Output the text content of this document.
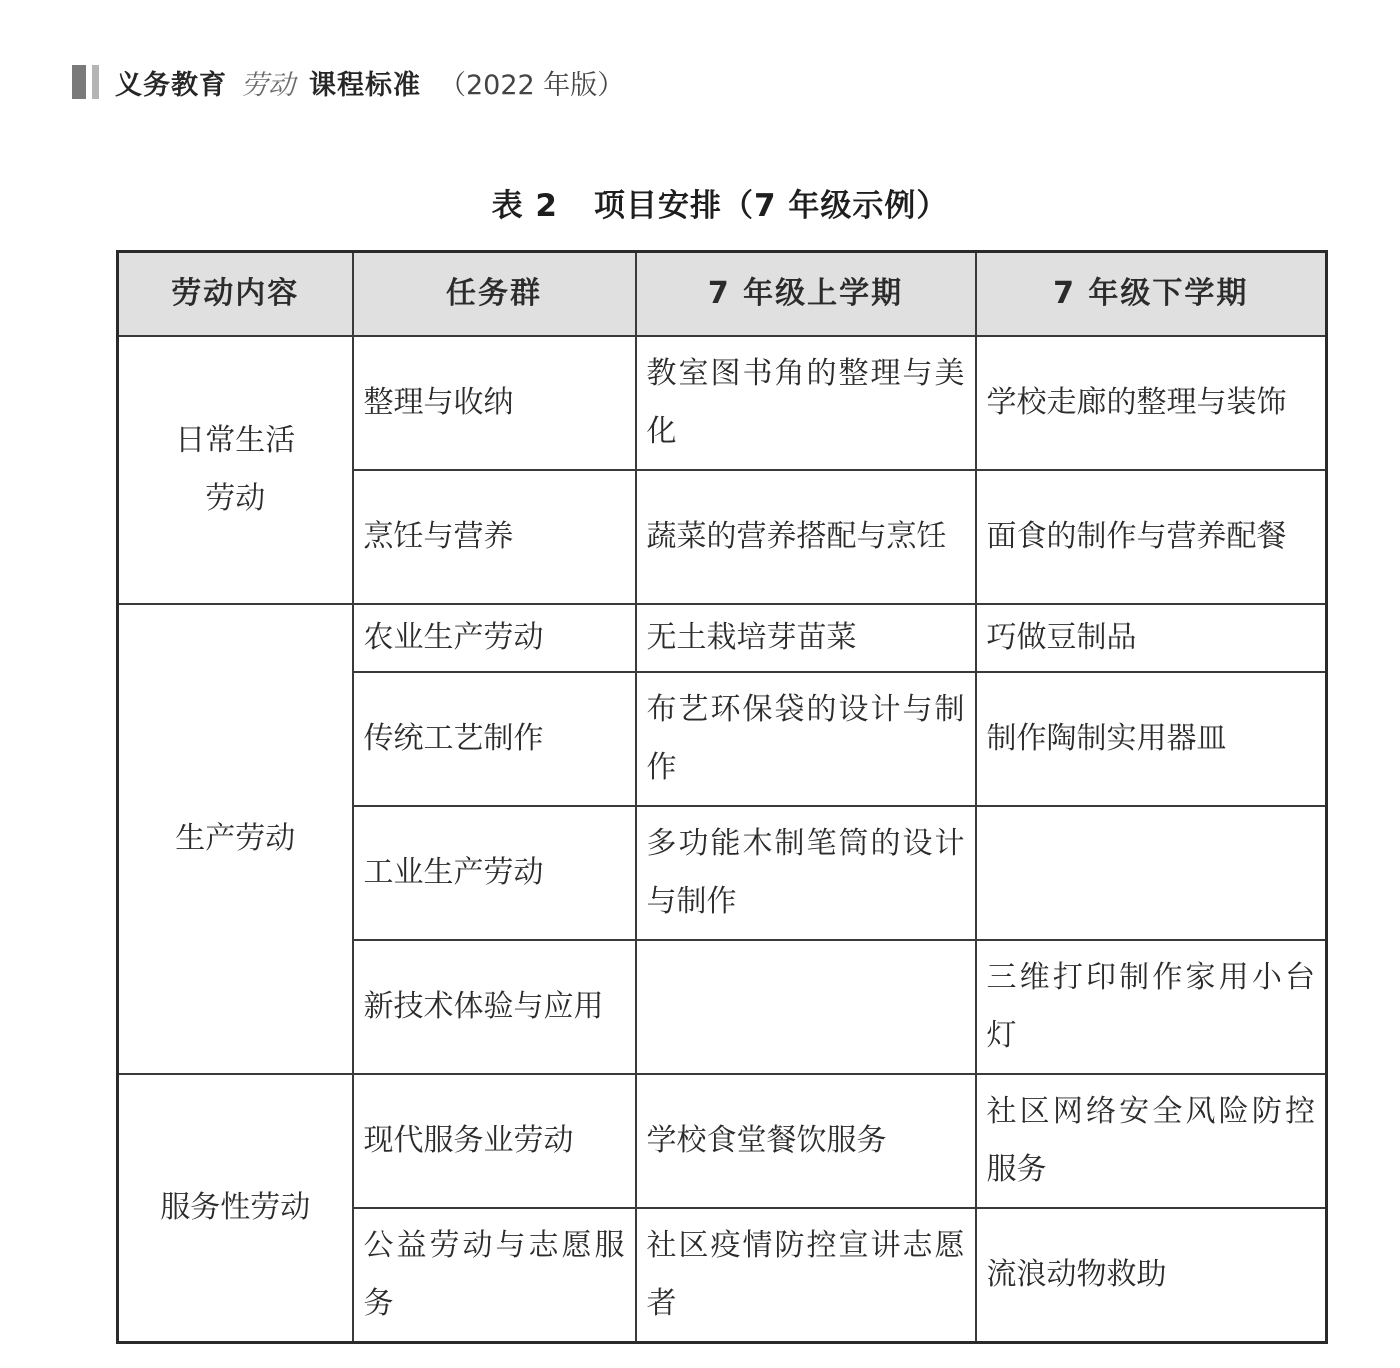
义务教育 劳动 课程标准 （2022 年版）
表 2 项目安排（7 年级示例）
劳动内容	任务群	7 年级上学期	7 年级下学期
日常生活劳动	整理与收纳	教室图书角的整理与美化	学校走廊的整理与装饰
	烹饪与营养	蔬菜的营养搭配与烹饪	面食的制作与营养配餐
生产劳动	农业生产劳动	无土栽培芽苗菜	巧做豆制品
	传统工艺制作	布艺环保袋的设计与制作	制作陶制实用器皿
	工业生产劳动	多功能木制笔筒的设计与制作	
	新技术体验与应用		三维打印制作家用小台灯
服务性劳动	现代服务业劳动	学校食堂餐饮服务	社区网络安全风险防控服务
	公益劳动与志愿服务	社区疫情防控宣讲志愿者	流浪动物救助
